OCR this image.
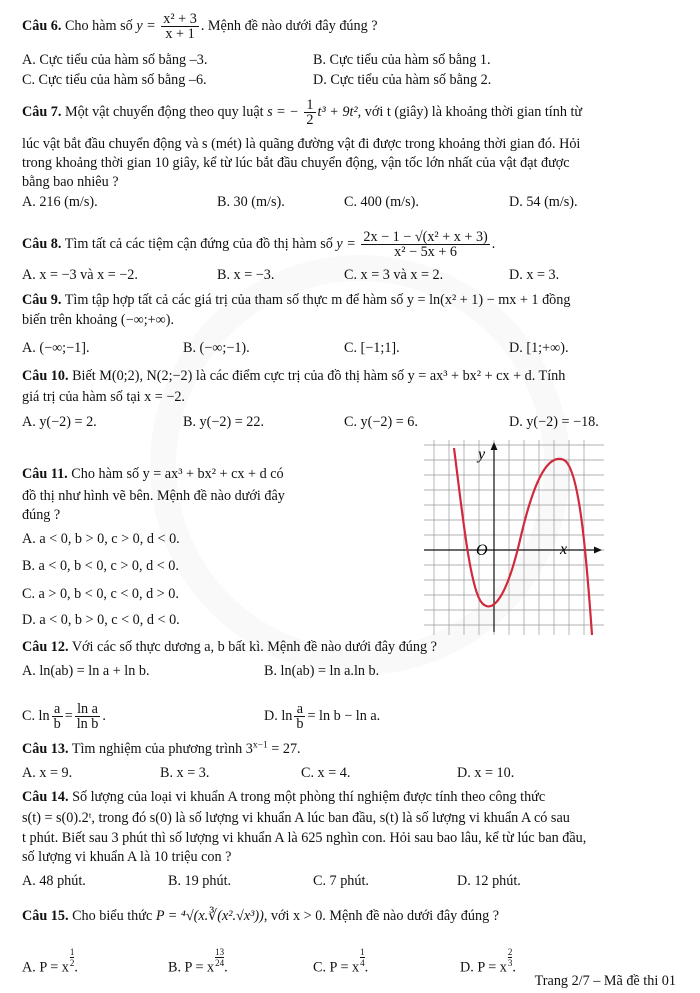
Câu 6. Cho hàm số $y = \frac{\text{x² + 3}}{x + 1}$ . Mệnh đề nào dưới đây đúng ?
A. Cực tiểu của hàm số bằng –3.	B. Cực tiểu của hàm số bằng 1.
C. Cực tiểu của hàm số bằng –6.	D. Cực tiểu của hàm số bằng 2.
Câu 7. Một vật chuyển động theo quy luật s = − $\frac{1}{2} t^3 + 9t^2$, với t (giây) là khoảng thời gian tính từ
lúc vật bắt đầu chuyển động và s (mét) là quãng đường vật đi được trong khoảng thời gian đó. Hỏi
trong khoảng thời gian 10 giây, kể từ lúc bắt đầu chuyển động, vận tốc lớn nhất của vật đạt được
bằng bao nhiêu ?
A. 216 (m/s).	B. 30 (m/s).	C. 400 (m/s).	D. 54 (m/s).
Câu 8. Tìm tất cả các tiệm cận đứng của đồ thị hàm số $y = \frac{\text{2x − 1 − √(x² + x + 3)}}{\text{x² − 5x + 6}}$ .
A. x = −3 và x = −2.	B. x = −3.	C. x = 3 và x = 2.	D. x = 3.
Câu 9. Tìm tập hợp tất cả các giá trị của tham số thực m để hàm số y = ln(x² + 1) − mx + 1 đồng
biến trên khoảng (−∞;+∞).
A. (−∞;−1].	B. (−∞;−1).	C. [−1;1].	D. [1;+∞).
Câu 10. Biết M(0;2), N(2;−2) là các điểm cực trị của đồ thị hàm số y = ax³ + bx² + cx + d. Tính
giá trị của hàm số tại x = −2.
A. y(−2) = 2.	B. y(−2) = 22.	C. y(−2) = 6.	D. y(−2) = −18.
Câu 11. Cho hàm số y = ax³ + bx² + cx + d có
đồ thị như hình vẽ bên. Mệnh đề nào dưới đây
đúng ?
A. a < 0, b > 0, c > 0, d < 0.
B. a < 0, b < 0, c > 0, d < 0.
C. a > 0, b < 0, c < 0, d > 0.
D. a < 0, b > 0, c < 0, d < 0.
y
x
O
Câu 12. Với các số thực dương a, b bất kì. Mệnh đề nào dưới đây đúng ?
A. ln(ab) = ln a + ln b.	B. ln(ab) = ln a.ln b.
C. $\ln \frac{a}{b} = \frac{\text{ln a}}{\text{ln b}}$ .	D. $\ln \frac{a}{b} = \ln b - \ln a$.
Câu 13. Tìm nghiệm của phương trình $3^{x-1} = 27$.
A. x = 9.	B. x = 3.	C. x = 4.	D. x = 10.
Câu 14. Số lượng của loại vi khuẩn A trong một phòng thí nghiệm được tính theo công thức
s(t) = s(0).2ᵗ, trong đó s(0) là số lượng vi khuẩn A lúc ban đầu, s(t) là số lượng vi khuẩn A có sau
t phút. Biết sau 3 phút thì số lượng vi khuẩn A là 625 nghìn con. Hỏi sau bao lâu, kể từ lúc ban đầu,
số lượng vi khuẩn A là 10 triệu con ?
A. 48 phút.	B. 19 phút.	C. 7 phút.	D. 12 phút.
Câu 15. Cho biểu thức P = ⁴√(x.∛(x².√x³)), với x > 0. Mệnh đề nào dưới đây đúng ?
A. P = x $\frac{1}{2}$ .	B. P = x $\frac{13}{24}$ .	C. P = x $\frac{1}{4}$ .	D. P = x $\frac{2}{3}$ .
Trang 2/7 – Mã đề thi 01
